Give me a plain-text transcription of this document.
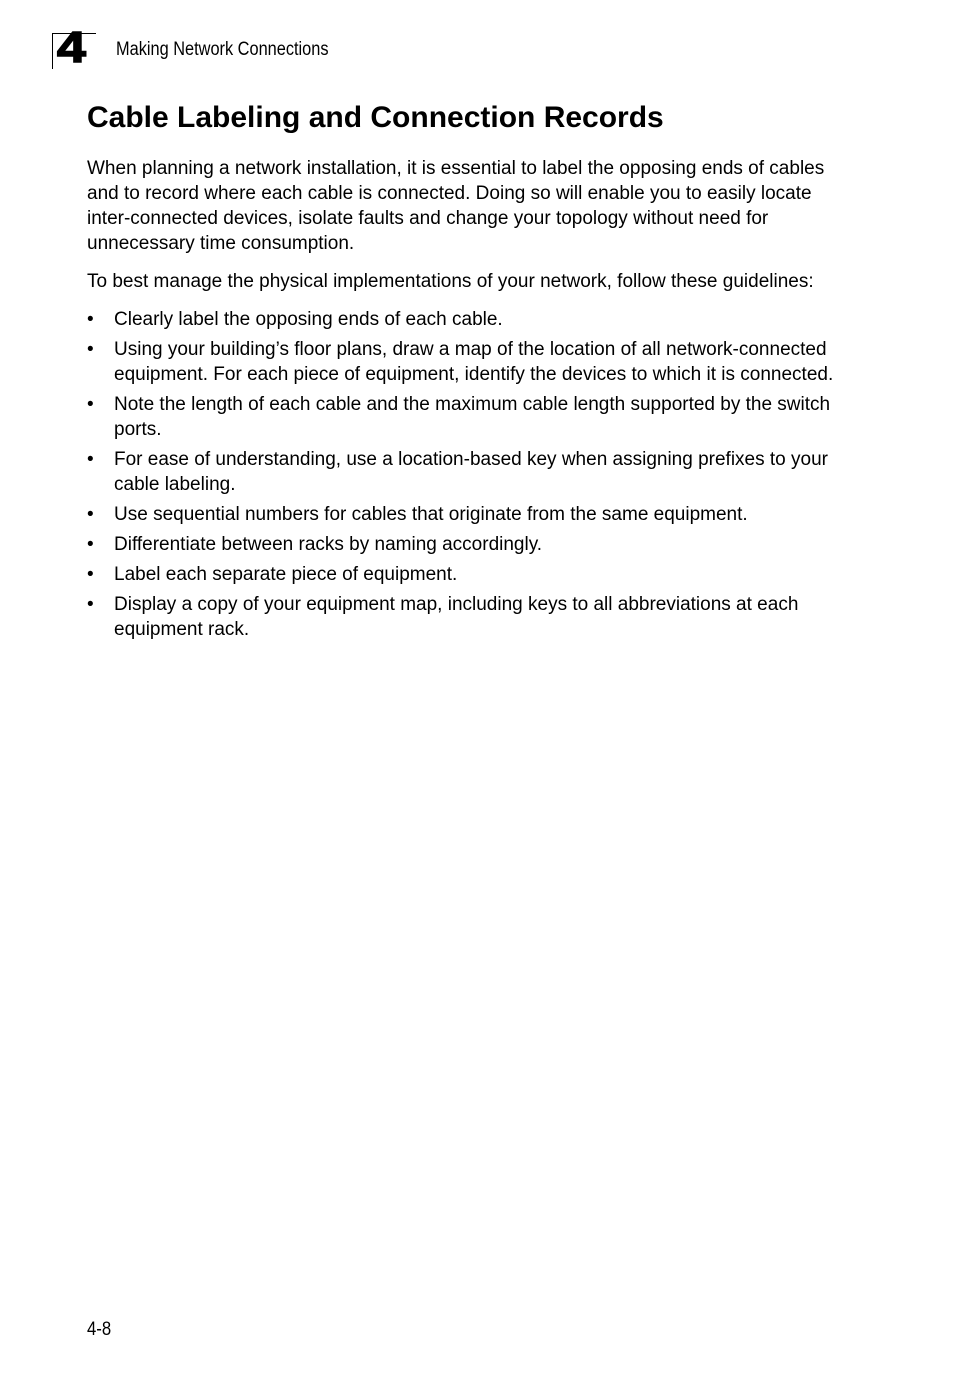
4 Making Network Connections
Cable Labeling and Connection Records

When planning a network installation, it is essential to label the opposing ends of cables and to record where each cable is connected. Doing so will enable you to easily locate inter-connected devices, isolate faults and change your topology without need for unnecessary time consumption.

To best manage the physical implementations of your network, follow these guidelines:

• Clearly label the opposing ends of each cable.
• Using your building’s floor plans, draw a map of the location of all network-connected equipment. For each piece of equipment, identify the devices to which it is connected.
• Note the length of each cable and the maximum cable length supported by the switch ports.
• For ease of understanding, use a location-based key when assigning prefixes to your cable labeling.
• Use sequential numbers for cables that originate from the same equipment.
• Differentiate between racks by naming accordingly.
• Label each separate piece of equipment.
• Display a copy of your equipment map, including keys to all abbreviations at each equipment rack.
4-8
